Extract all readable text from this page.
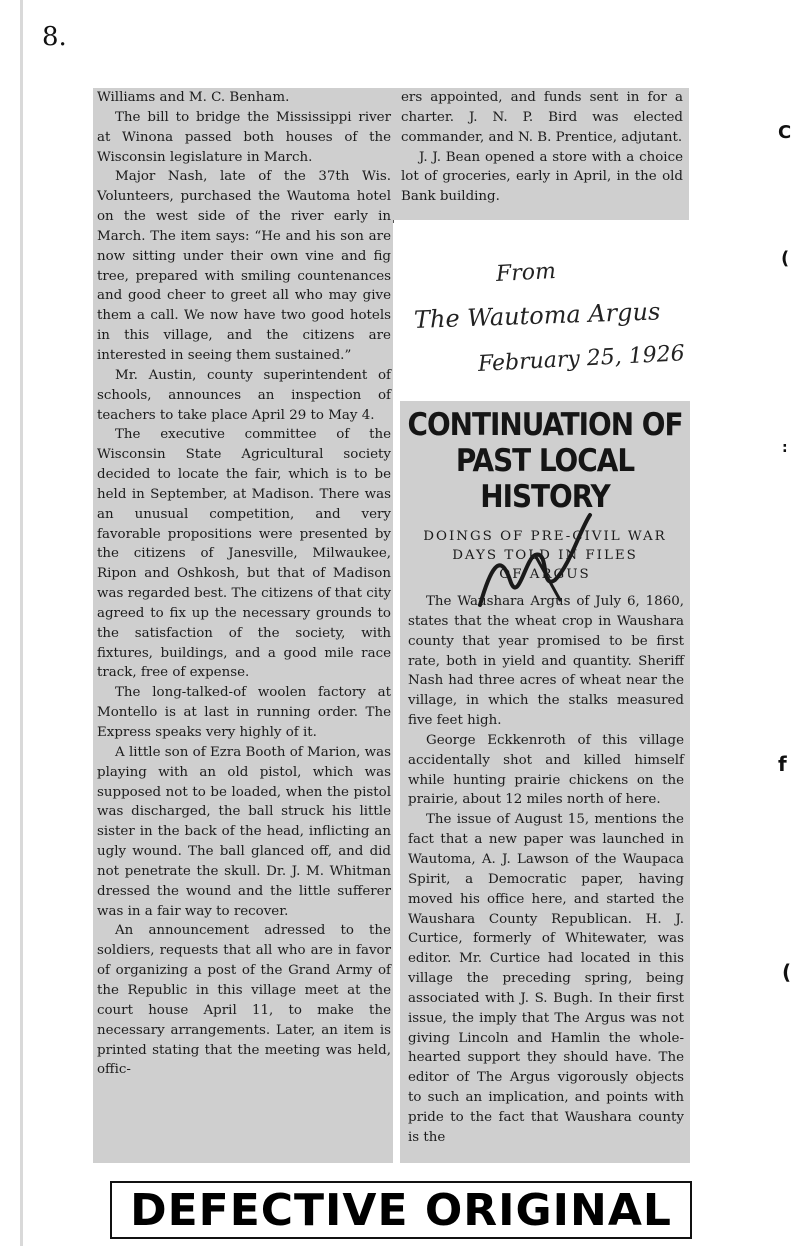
8.

Williams and M. C. Benham.

The bill to bridge the Mississippi river at Winona passed both houses of the Wisconsin legislature in March.

Major Nash, late of the 37th Wis. Volunteers, purchased the Wautoma hotel on the west side of the river early in March. The item says: “He and his son are now sitting under their own vine and fig tree, prepared with smiling countenances and good cheer to greet all who may give them a call. We now have two good hotels in this village, and the citizens are interested in seeing them sustained.”

Mr. Austin, county superintendent of schools, announces an inspection of teachers to take place April 29 to May 4.

The executive committee of the Wisconsin State Agricultural society decided to locate the fair, which is to be held in September, at Madison. There was an unusual competition, and very favorable propositions were presented by the citizens of Janesville, Milwaukee, Ripon and Oshkosh, but that of Madison was regarded best. The citizens of that city agreed to fix up the necessary grounds to the satisfaction of the society, with fixtures, buildings, and a good mile race track, free of expense.

The long-talked-of woolen factory at Montello is at last in running order. The Express speaks very highly of it.

A little son of Ezra Booth of Marion, was playing with an old pistol, which was supposed not to be loaded, when the pistol was discharged, the ball struck his little sister in the back of the head, inflicting an ugly wound. The ball glanced off, and did not penetrate the skull. Dr. J. M. Whitman dressed the wound and the little sufferer was in a fair way to recover.

An announcement adressed to the soldiers, requests that all who are in favor of organizing a post of the Grand Army of the Republic in this village meet at the court house April 11, to make the necessary arrangements. Later, an item is printed stating that the meeting was held, offic-

ers appointed, and funds sent in for a charter. J. N. P. Bird was elected commander, and N. B. Prentice, adjutant.

J. J. Bean opened a store with a choice lot of groceries, early in April, in the old Bank building.

From
The Wautoma Argus
February 25, 1926
CONTINUATION OF
PAST LOCAL HISTORY
DOINGS OF PRE-CIVIL WAR
DAYS TOLD IN FILES
OF ARGUS

The Waushara Argus of July 6, 1860, states that the wheat crop in Waushara county that year promised to be first rate, both in yield and quantity. Sheriff Nash had three acres of wheat near the village, in which the stalks measured five feet high.

George Eckkenroth of this village accidentally shot and killed himself while hunting prairie chickens on the prairie, about 12 miles north of here.

The issue of August 15, mentions the fact that a new paper was launched in Wautoma, A. J. Lawson of the Waupaca Spirit, a Democratic paper, having moved his office here, and started the Waushara County Republican. H. J. Curtice, formerly of Whitewater, was editor. Mr. Curtice had located in this village the preceding spring, being associated with J. S. Bugh. In their first issue, the imply that The Argus was not giving Lincoln and Hamlin the whole-hearted support they should have. The editor of The Argus vigorously objects to such an implication, and points with pride to the fact that Waushara county is the

C
(
:
f
(
DEFECTIVE ORIGINAL
